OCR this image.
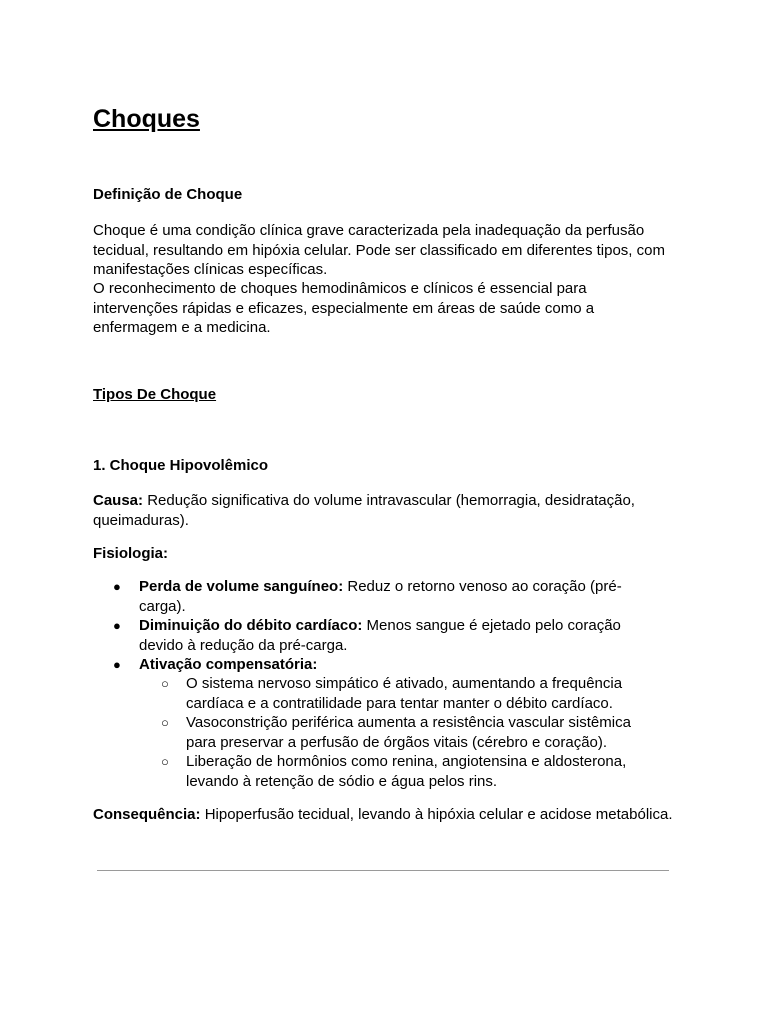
Choques
Definição de Choque

Choque é uma condição clínica grave caracterizada pela inadequação da perfusão tecidual, resultando em hipóxia celular. Pode ser classificado em diferentes tipos, com manifestações clínicas específicas.

O reconhecimento de choques hemodinâmicos e clínicos é essencial para intervenções rápidas e eficazes, especialmente em áreas de saúde como a enfermagem e a medicina.

Tipos De Choque
1. Choque Hipovolêmico

Causa: Redução significativa do volume intravascular (hemorragia, desidratação, queimaduras).

Fisiologia:

● Perda de volume sanguíneo: Reduz o retorno venoso ao coração (pré-carga).

● Diminuição do débito cardíaco: Menos sangue é ejetado pelo coração devido à redução da pré-carga.

● Ativação compensatória:

○ O sistema nervoso simpático é ativado, aumentando a frequência cardíaca e a contratilidade para tentar manter o débito cardíaco.

○ Vasoconstrição periférica aumenta a resistência vascular sistêmica para preservar a perfusão de órgãos vitais (cérebro e coração).

○ Liberação de hormônios como renina, angiotensina e aldosterona, levando à retenção de sódio e água pelos rins.

Consequência: Hipoperfusão tecidual, levando à hipóxia celular e acidose metabólica.
